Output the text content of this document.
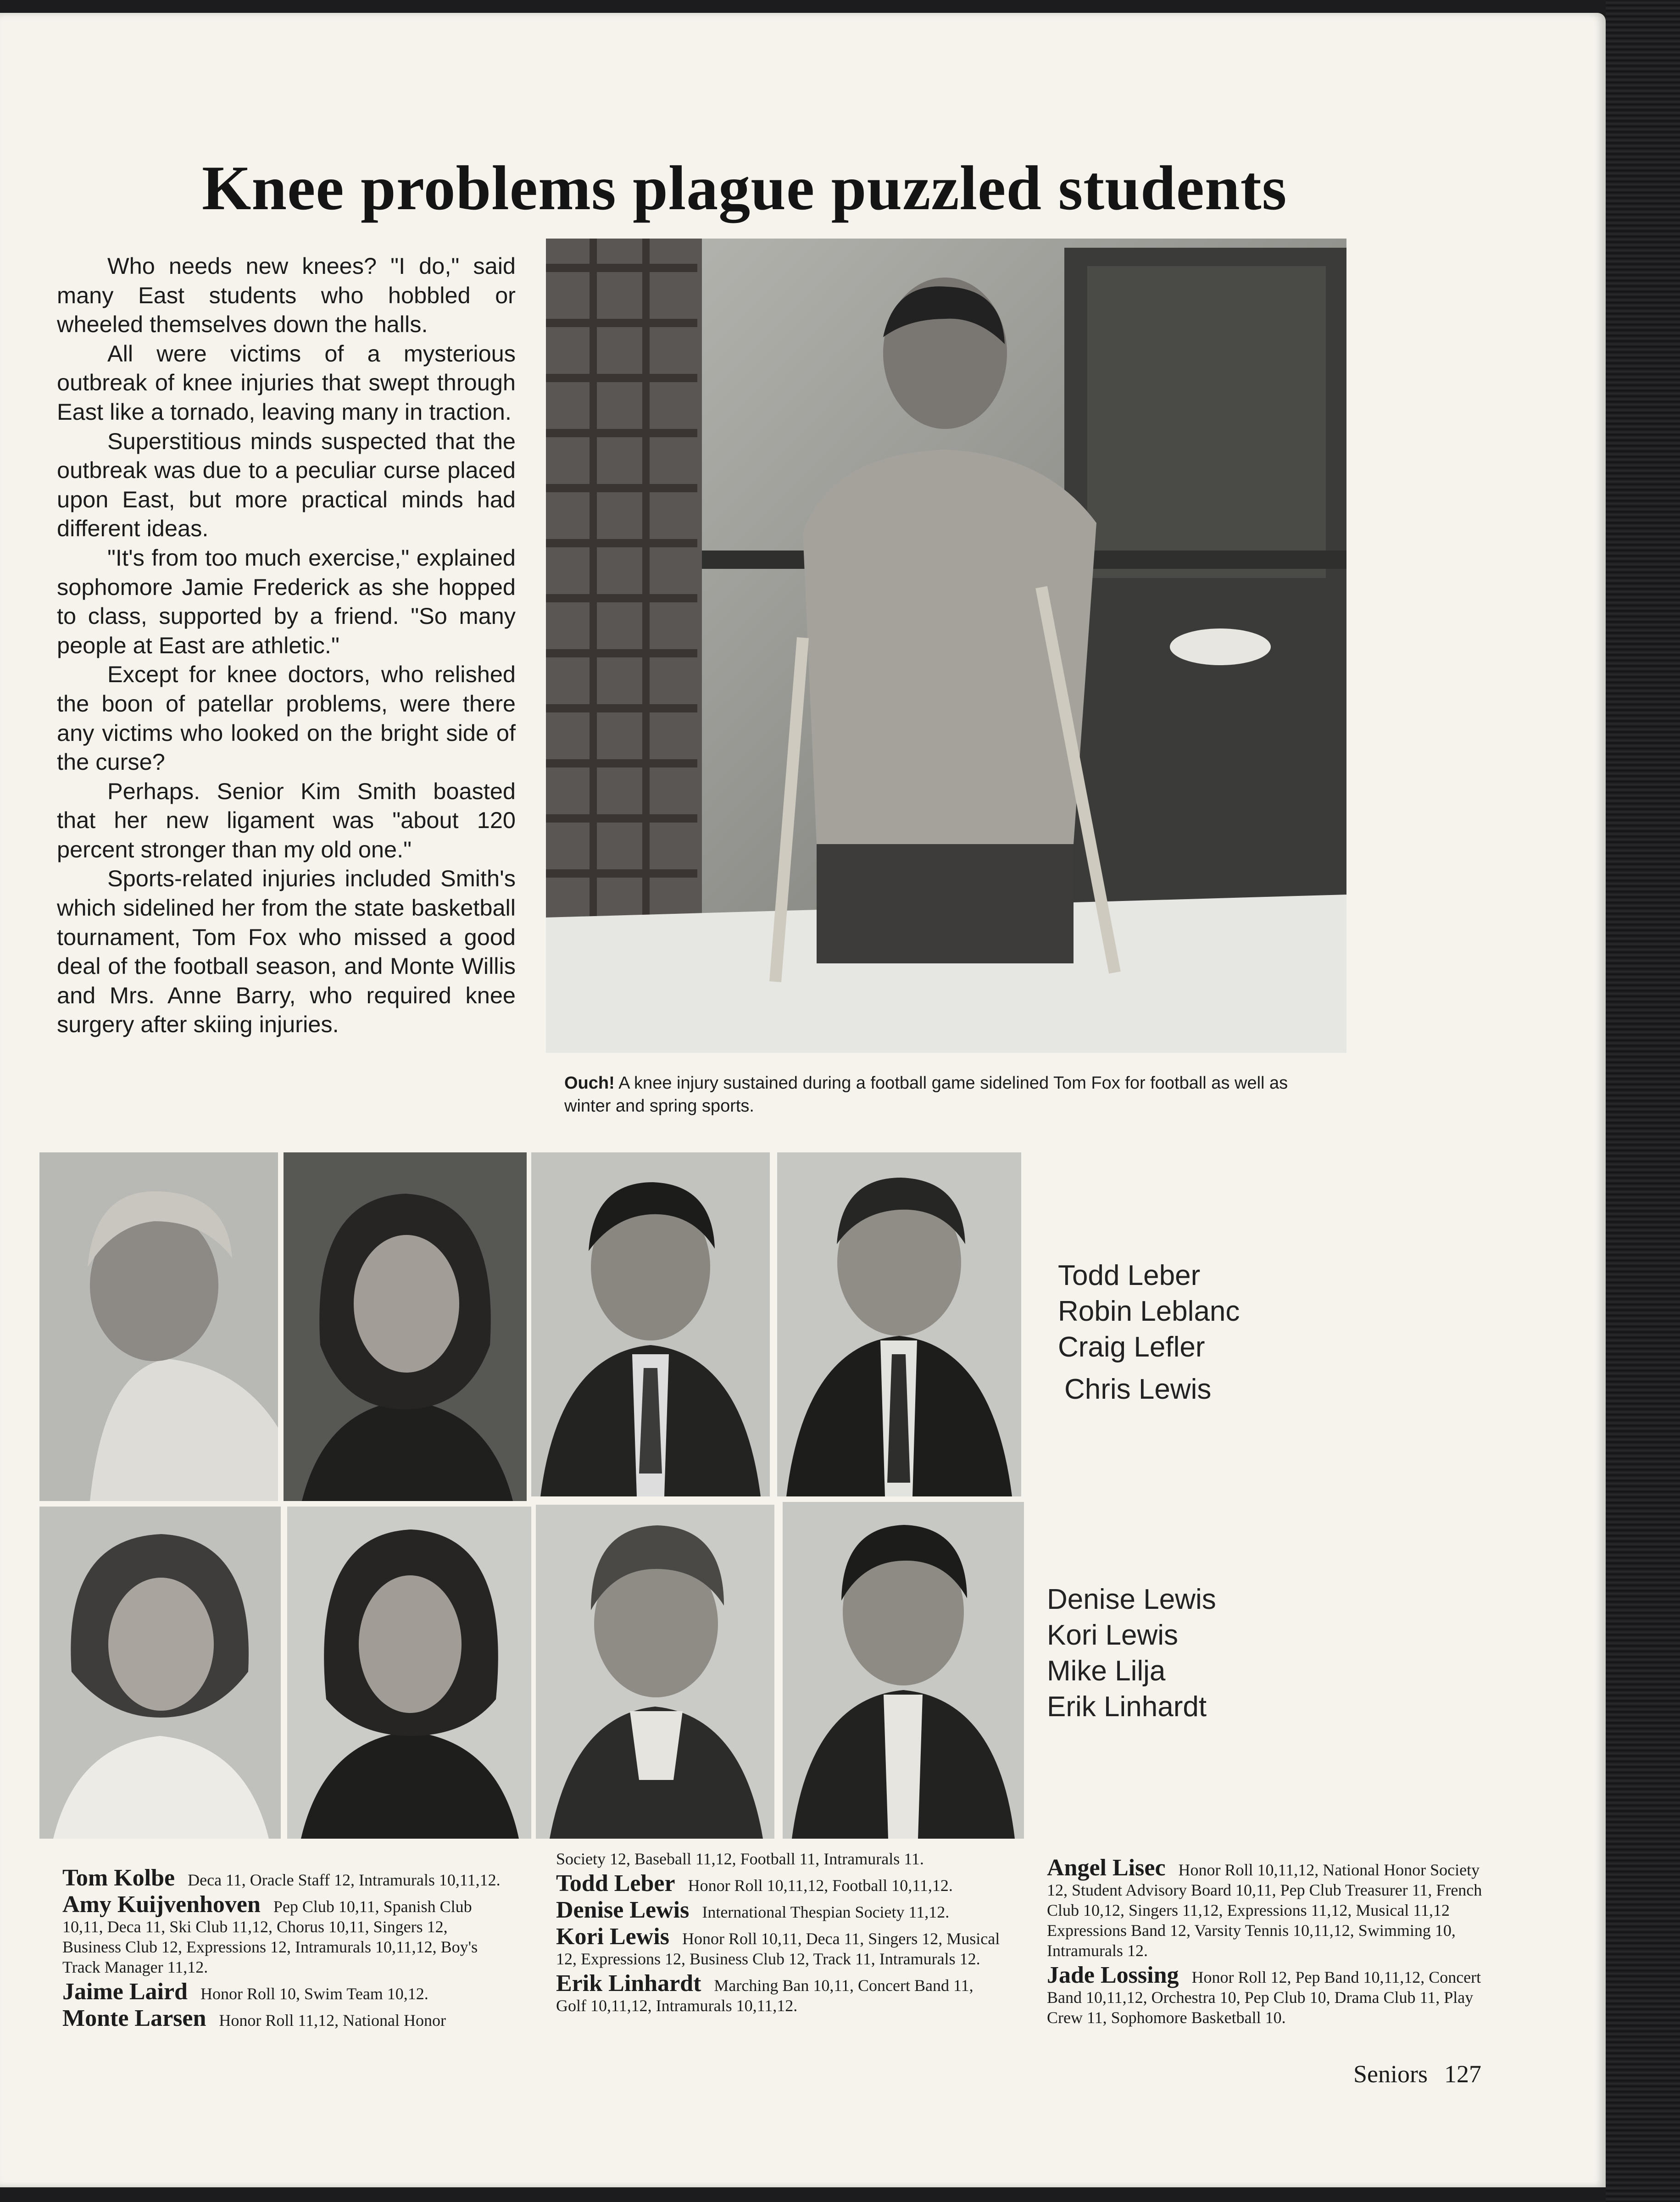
Knee problems plague puzzled students

Who needs new knees? "I do," said many East students who hobbled or wheeled themselves down the halls.

All were victims of a mysterious outbreak of knee injuries that swept through East like a tornado, leaving many in traction.

Superstitious minds suspected that the outbreak was due to a peculiar curse placed upon East, but more practical minds had different ideas.

"It's from too much exercise," explained sophomore Jamie Frederick as she hopped to class, supported by a friend. "So many people at East are athletic."

Except for knee doctors, who relished the boon of patellar problems, were there any victims who looked on the bright side of the curse?

Perhaps. Senior Kim Smith boasted that her new ligament was "about 120 percent stronger than my old one."

Sports-related injuries included Smith's which sidelined her from the state basketball tournament, Tom Fox who missed a good deal of the football season, and Monte Willis and Mrs. Anne Barry, who required knee surgery after skiing injuries.

Ouch! A knee injury sustained during a football game sidelined Tom Fox for football as well as winter and spring sports.
Todd Leber
Robin Leblanc
Craig Lefler
Chris Lewis
Denise Lewis
Kori Lewis
Mike Lilja
Erik Linhardt

Tom Kolbe Deca 11, Oracle Staff 12, Intramurals 10,11,12.

Amy Kuijvenhoven Pep Club 10,11, Spanish Club 10,11, Deca 11, Ski Club 11,12, Chorus 10,11, Singers 12, Business Club 12, Expressions 12, Intramurals 10,11,12, Boy's Track Manager 11,12.

Jaime Laird Honor Roll 10, Swim Team 10,12.

Monte Larsen Honor Roll 11,12, National Honor

Society 12, Baseball 11,12, Football 11, Intramurals 11.

Todd Leber Honor Roll 10,11,12, Football 10,11,12.

Denise Lewis International Thespian Society 11,12.

Kori Lewis Honor Roll 10,11, Deca 11, Singers 12, Musical 12, Expressions 12, Business Club 12, Track 11, Intramurals 12.

Erik Linhardt Marching Ban 10,11, Concert Band 11, Golf 10,11,12, Intramurals 10,11,12.

Angel Lisec Honor Roll 10,11,12, National Honor Society 12, Student Advisory Board 10,11, Pep Club Treasurer 11, French Club 10,12, Singers 11,12, Expressions 11,12, Musical 11,12 Expressions Band 12, Varsity Tennis 10,11,12, Swimming 10, Intramurals 12.

Jade Lossing Honor Roll 12, Pep Band 10,11,12, Concert Band 10,11,12, Orchestra 10, Pep Club 10, Drama Club 11, Play Crew 11, Sophomore Basketball 10.

Seniors 127
